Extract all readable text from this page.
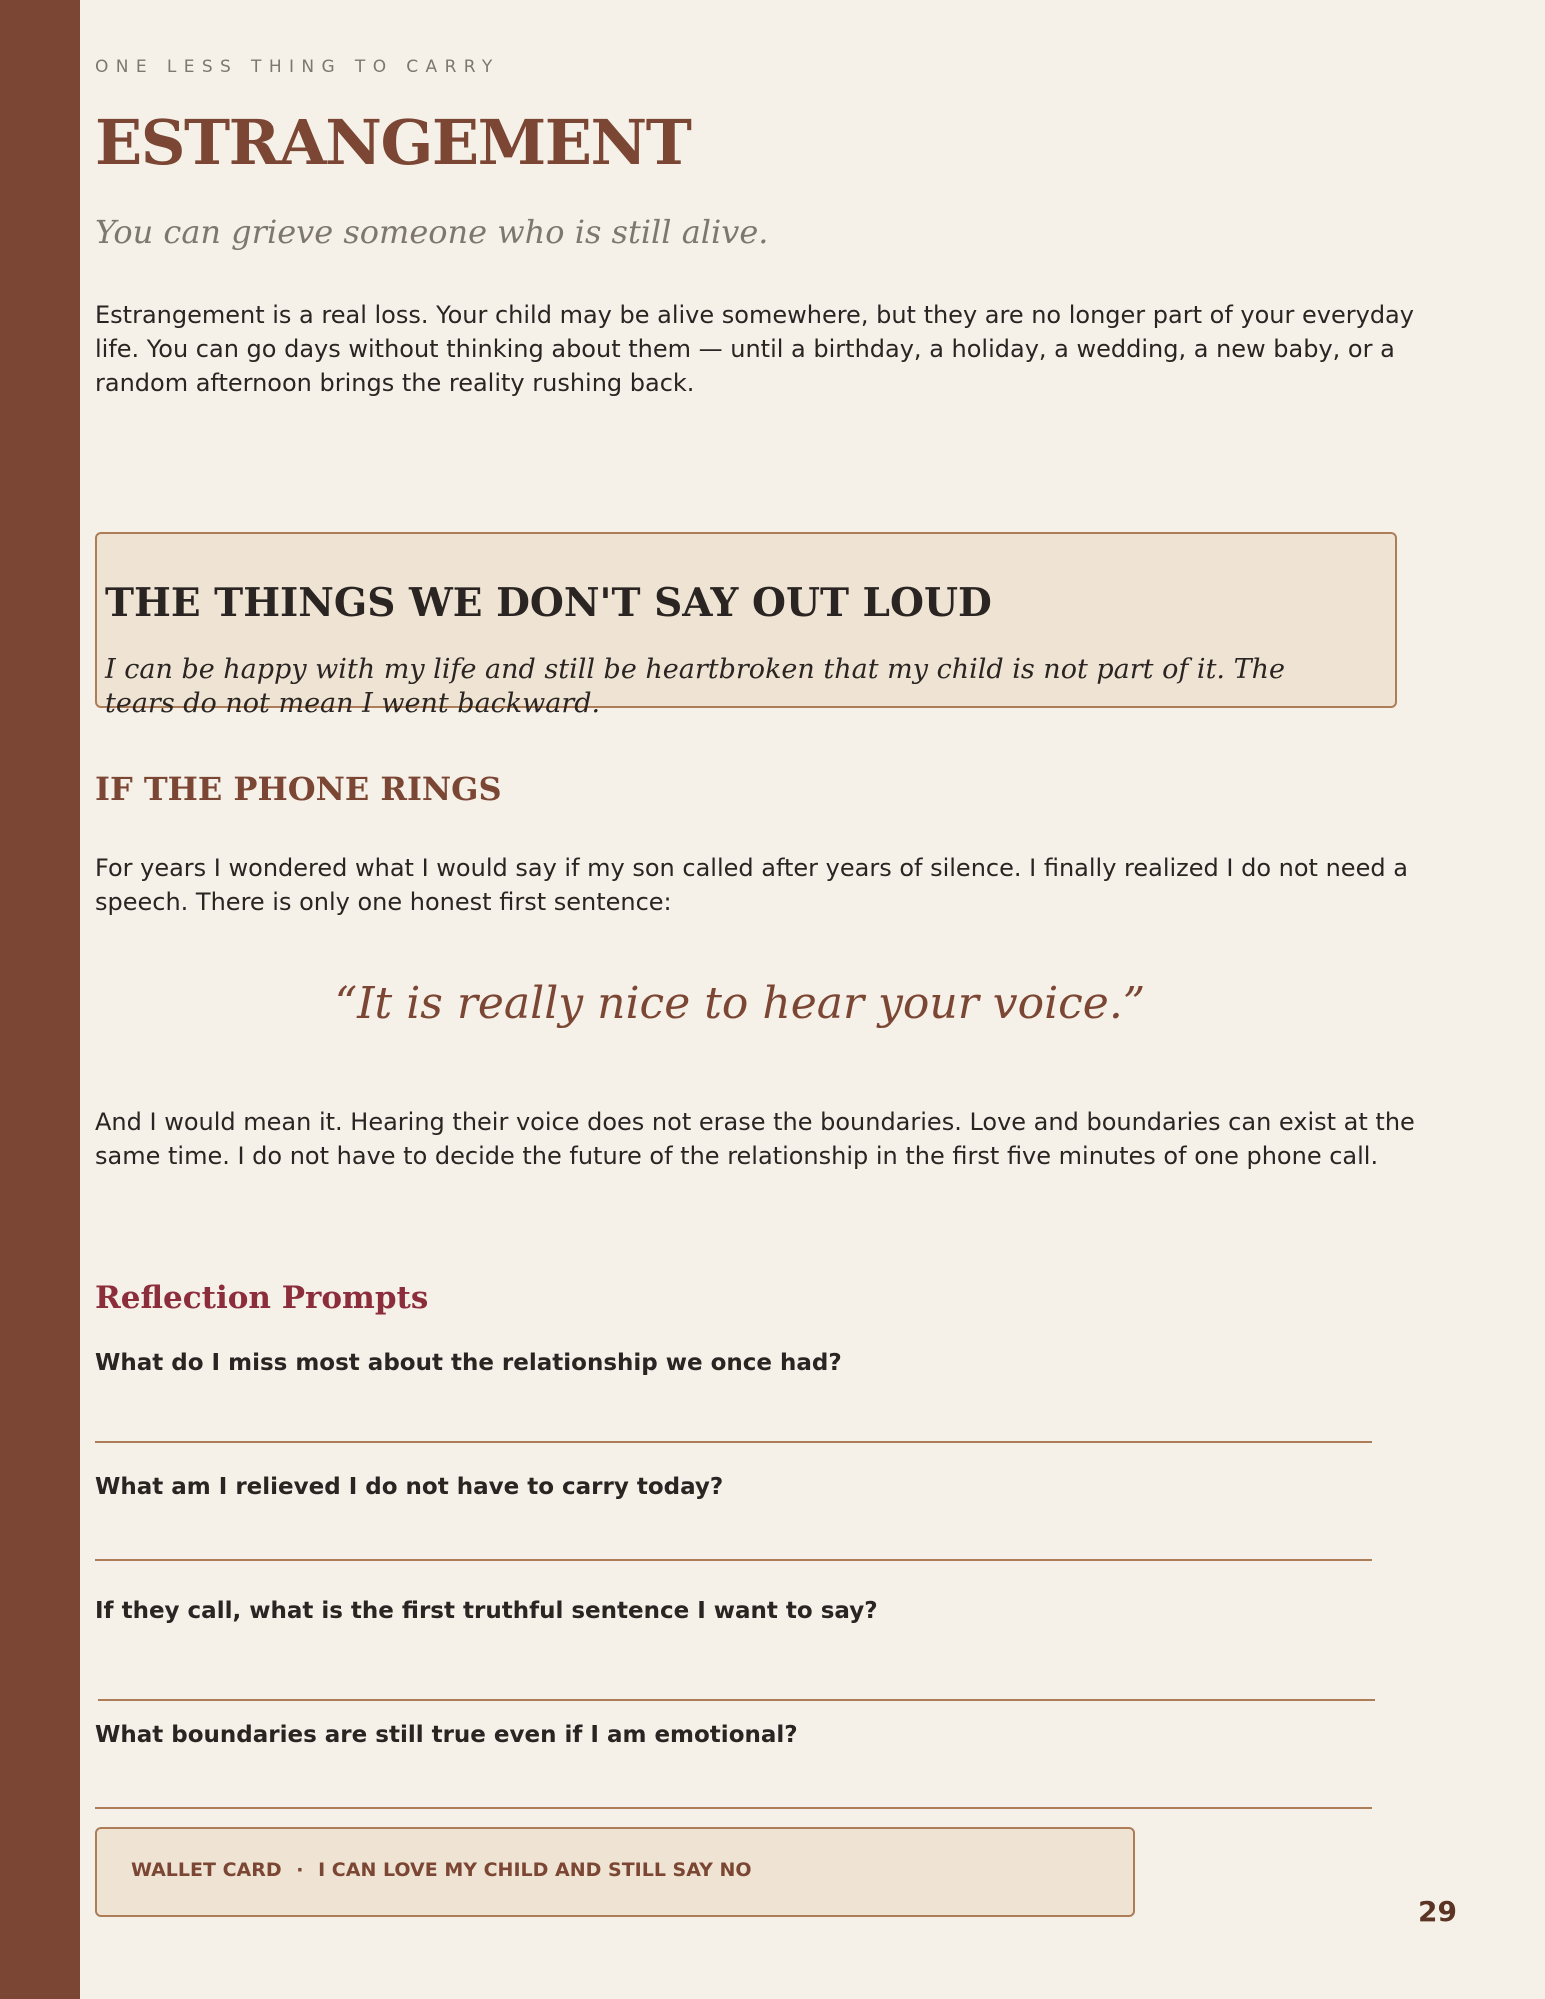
ONE LESS THING TO CARRY

ESTRANGEMENT

You can grieve someone who is still alive.

Estrangement is a real loss. Your child may be alive somewhere, but they are no longer part of your everyday life. You can go days without thinking about them — until a birthday, a holiday, a wedding, a new baby, or a random afternoon brings the reality rushing back.

THE THINGS WE DON'T SAY OUT LOUD

I can be happy with my life and still be heartbroken that my child is not part of it. The tears do not mean I went backward.

IF THE PHONE RINGS

For years I wondered what I would say if my son called after years of silence. I finally realized I do not need a speech. There is only one honest first sentence:

“It is really nice to hear your voice.”

And I would mean it. Hearing their voice does not erase the boundaries. Love and boundaries can exist at the same time. I do not have to decide the future of the relationship in the first five minutes of one phone call.

Reflection Prompts

What do I miss most about the relationship we once had?

What am I relieved I do not have to carry today?

If they call, what is the first truthful sentence I want to say?

What boundaries are still true even if I am emotional?

WALLET CARD · I CAN LOVE MY CHILD AND STILL SAY NO

29
